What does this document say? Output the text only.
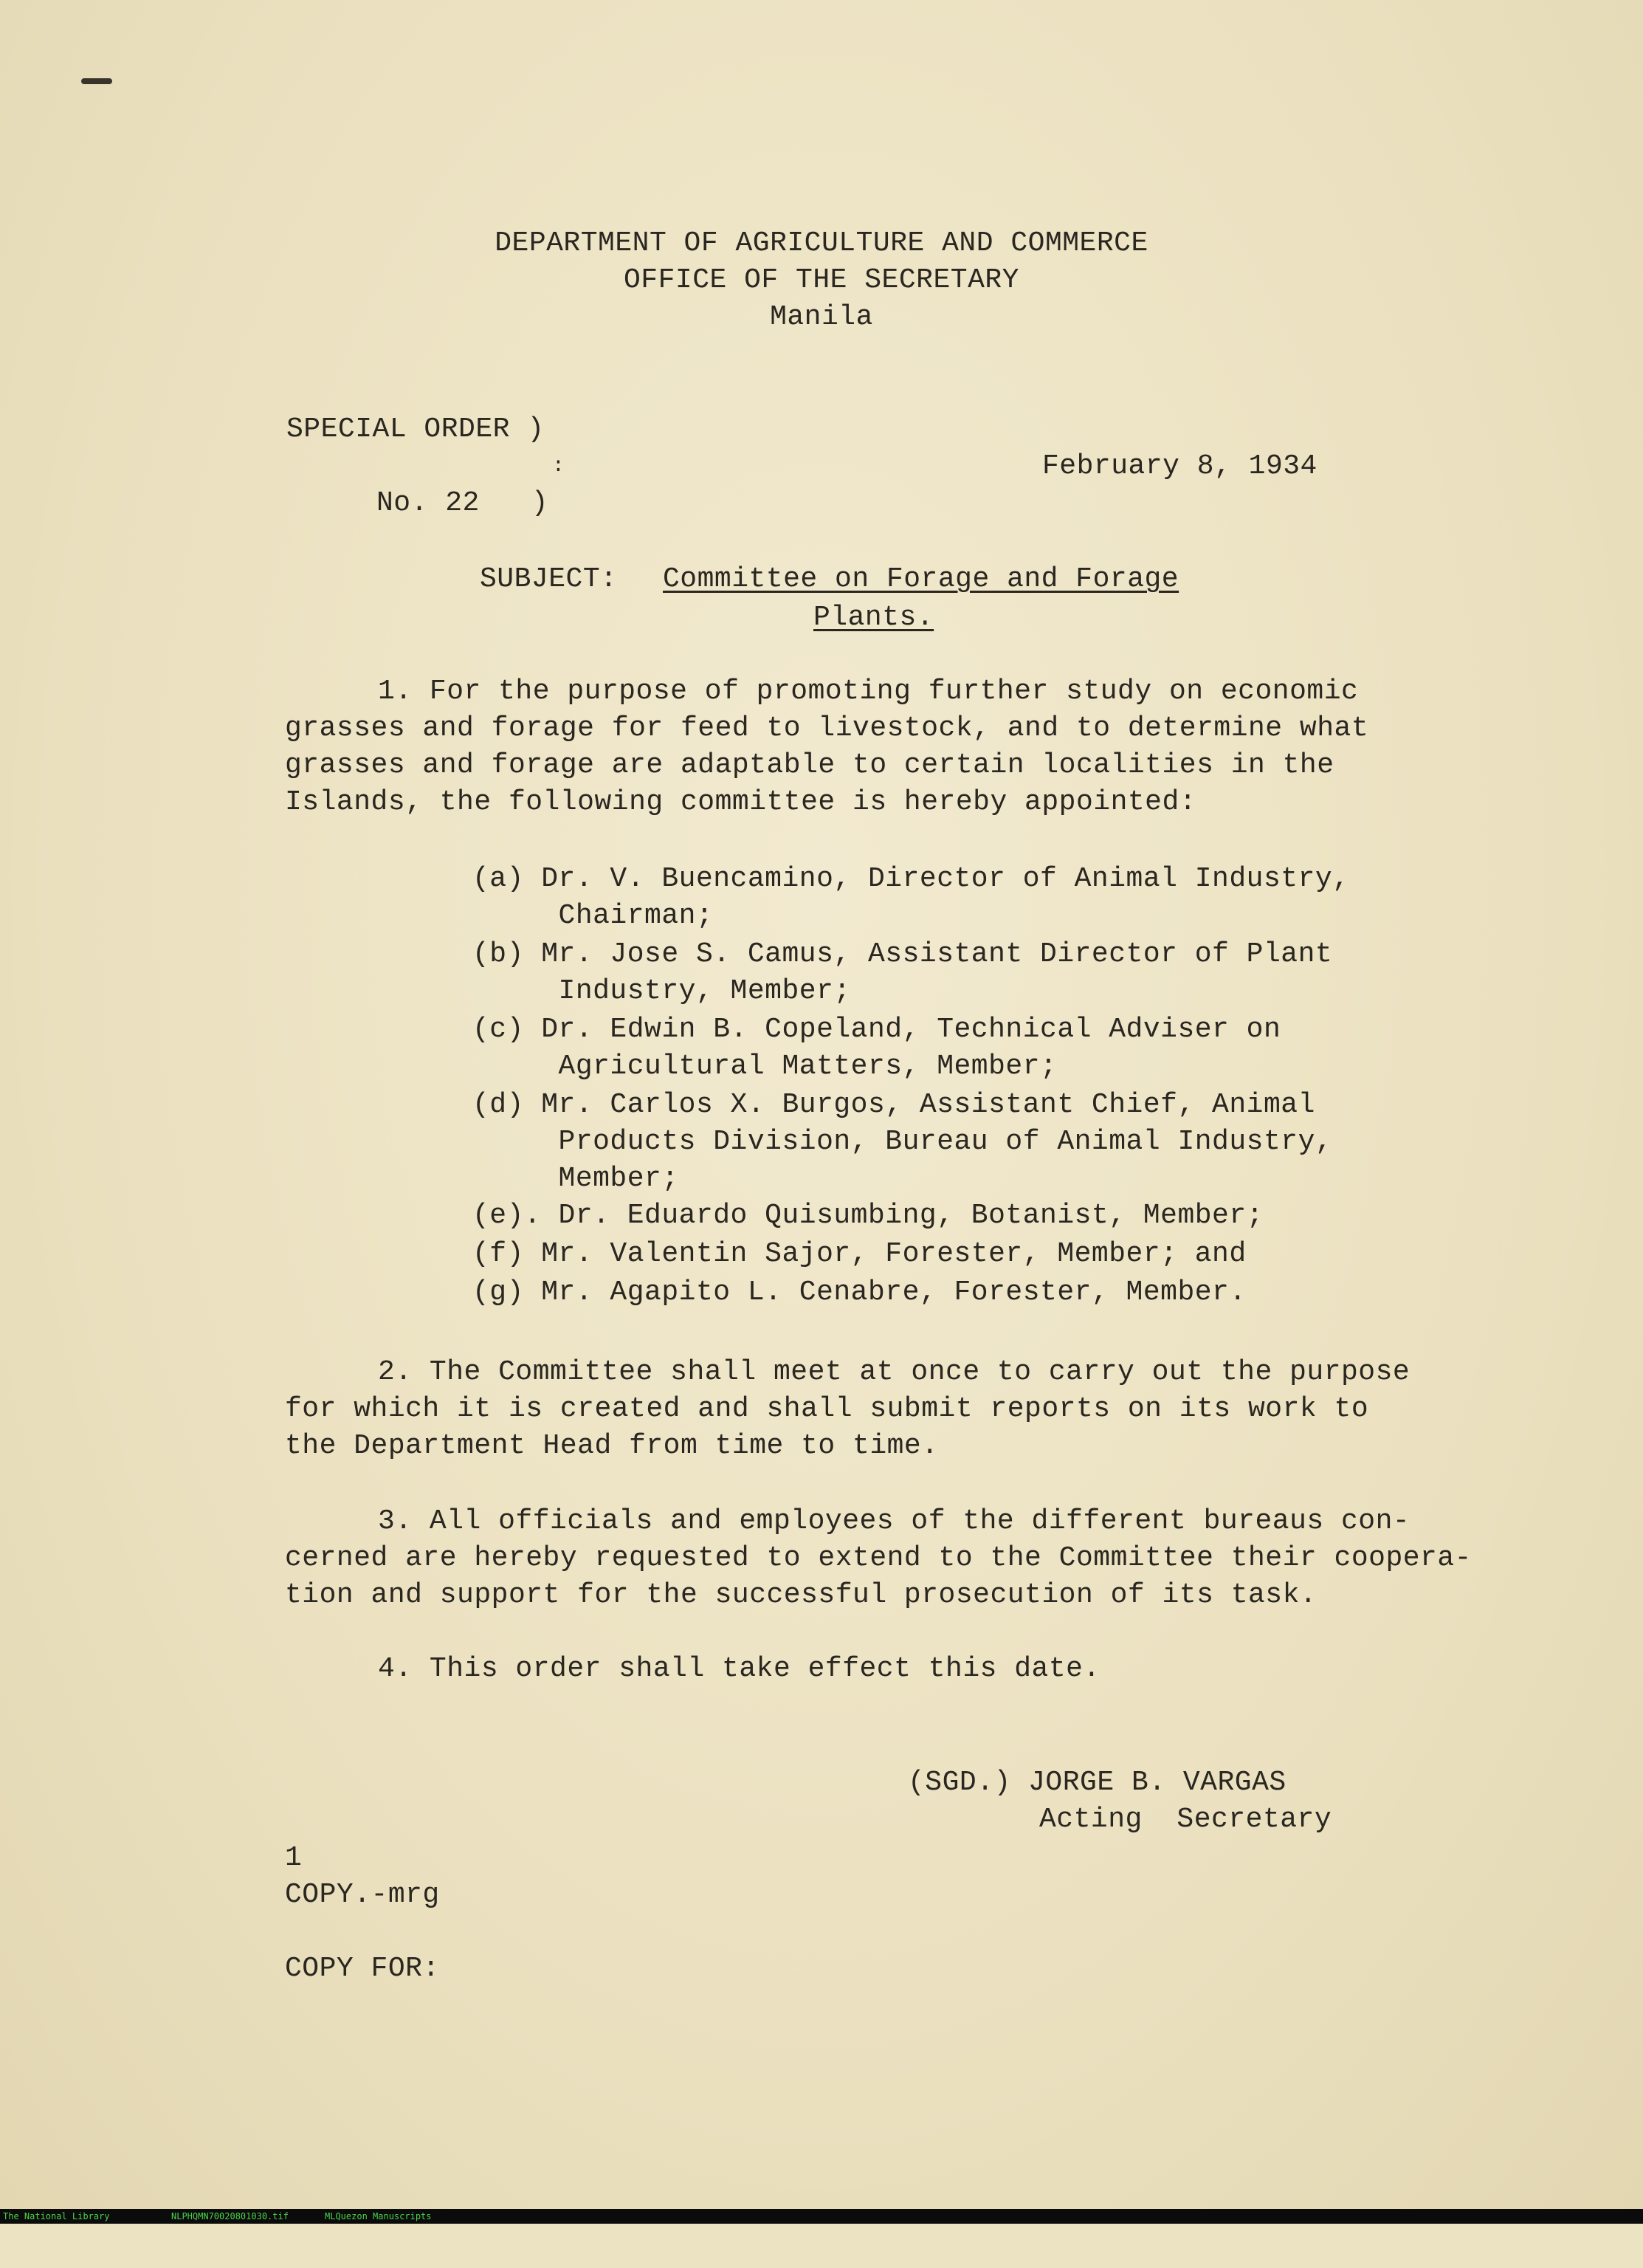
DEPARTMENT OF AGRICULTURE AND COMMERCE
OFFICE OF THE SECRETARY
Manila
SPECIAL ORDER )
:
No. 22   )
February 8, 1934
SUBJECT: Committee on Forage and Forage
Plants.
1. For the purpose of promoting further study on economic
grasses and forage for feed to livestock, and to determine what
grasses and forage are adaptable to certain localities in the
Islands, the following committee is hereby appointed:
(a) Dr. V. Buencamino, Director of Animal Industry,
Chairman;
(b) Mr. Jose S. Camus, Assistant Director of Plant
Industry, Member;
(c) Dr. Edwin B. Copeland, Technical Adviser on
Agricultural Matters, Member;
(d) Mr. Carlos X. Burgos, Assistant Chief, Animal
Products Division, Bureau of Animal Industry,
Member;
(e). Dr. Eduardo Quisumbing, Botanist, Member;
(f) Mr. Valentin Sajor, Forester, Member; and
(g) Mr. Agapito L. Cenabre, Forester, Member.
2. The Committee shall meet at once to carry out the purpose
for which it is created and shall submit reports on its work to
the Department Head from time to time.
3. All officials and employees of the different bureaus con-
cerned are hereby requested to extend to the Committee their coopera-
tion and support for the successful prosecution of its task.
4. This order shall take effect this date.
(SGD.) JORGE B. VARGAS
Acting  Secretary
1
COPY.-mrg
COPY FOR:

The National Library

	NLPHQMN70020801030.tif

	MLQuezon Manuscripts
